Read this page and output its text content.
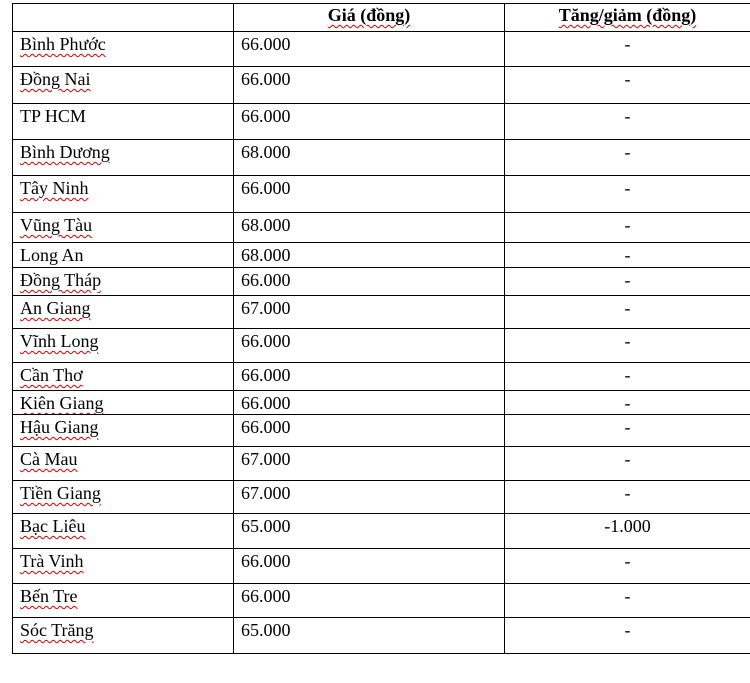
	Giá (đồng)	Tăng/giảm (đồng)
Bình Phước	66.000	-
Đồng Nai	66.000	-
TP HCM	66.000	-
Bình Dương	68.000	-
Tây Ninh	66.000	-
Vũng Tàu	68.000	-
Long An	68.000	-
Đồng Tháp	66.000	-
An Giang	67.000	-
Vĩnh Long	66.000	-
Cần Thơ	66.000	-
Kiên Giang	66.000	-
Hậu Giang	66.000	-
Cà Mau	67.000	-
Tiền Giang	67.000	-
Bạc Liêu	65.000	-1.000
Trà Vinh	66.000	-
Bến Tre	66.000	-
Sóc Trăng	65.000	-
